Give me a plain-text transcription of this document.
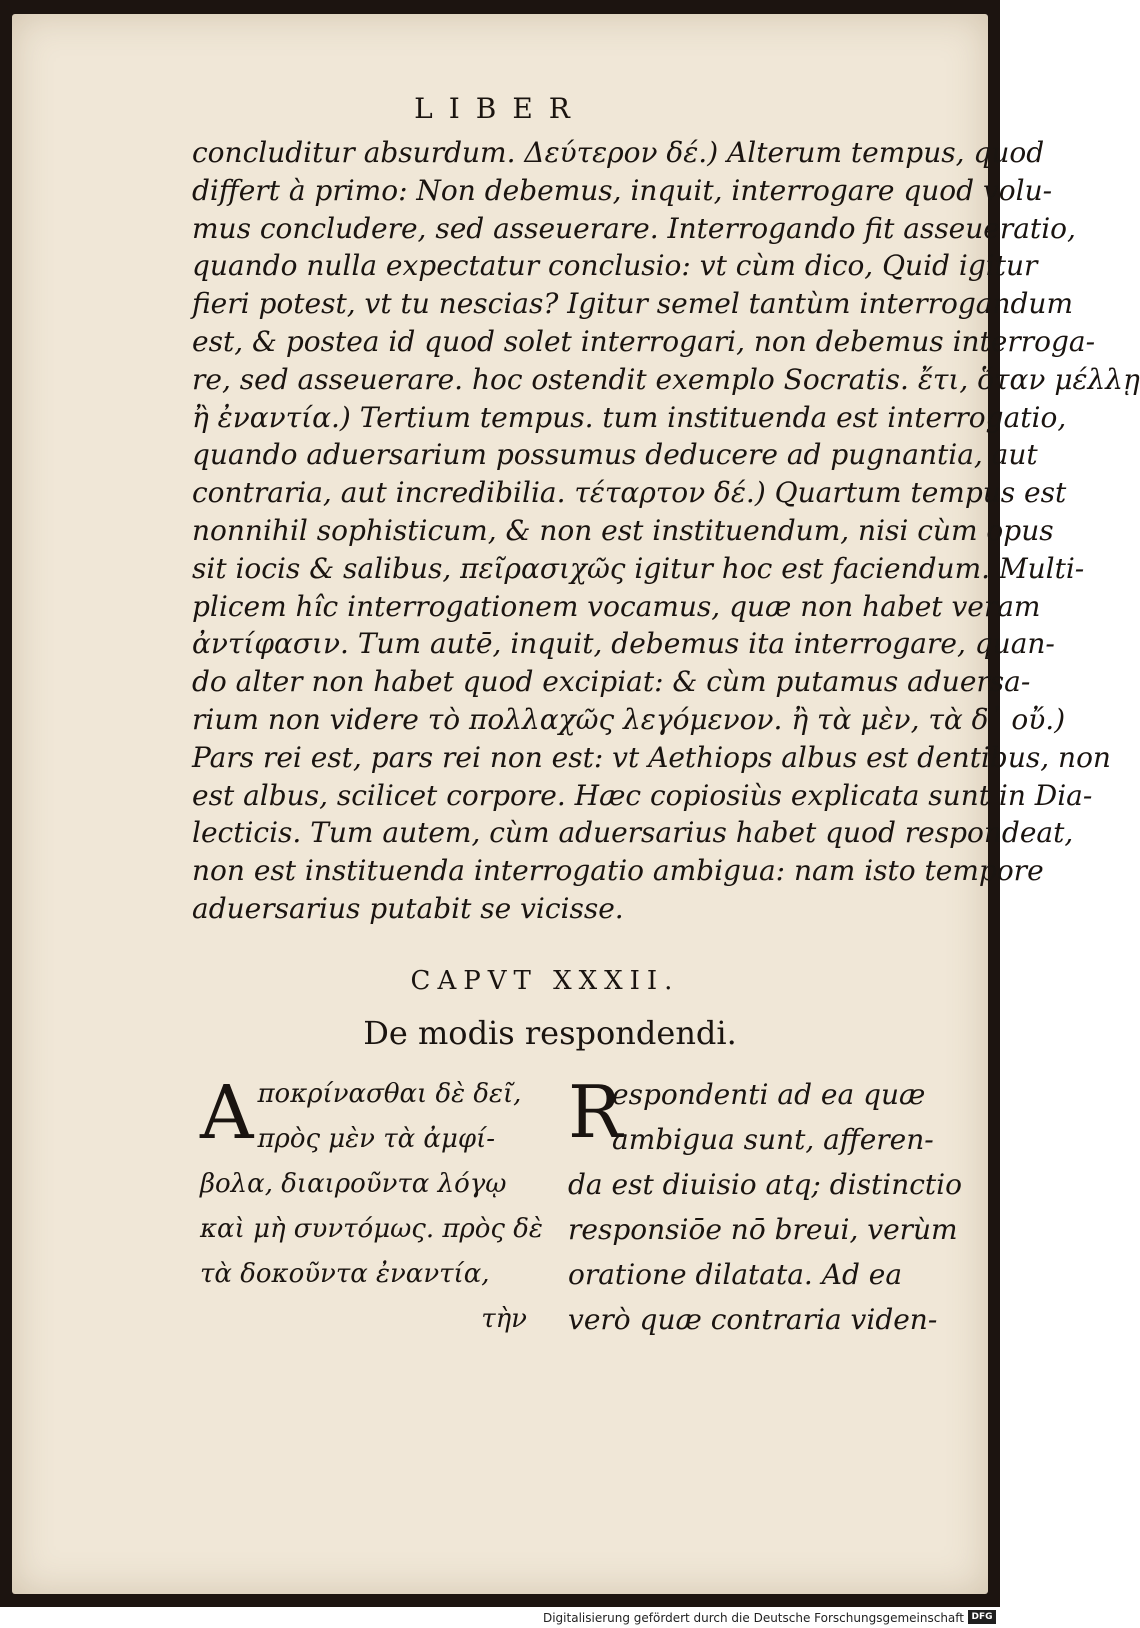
LIBER
concluditur absurdum. Δεύτερον δέ.) Alterum tempus, quod
differt à primo: Non debemus, inquit, interrogare quod volu-
mus concludere, sed asseuerare. Interrogando fit asseueratio,
quando nulla expectatur conclusio: vt cùm dico, Quid igitur
fieri potest, vt tu nescias? Igitur semel tantùm interrogandum
est, & postea id quod solet interrogari, non debemus interroga-
re, sed asseuerare. hoc ostendit exemplo Socratis. ἔτι, ὅταν μέλλῃ
ἢ ἐναντία.) Tertium tempus. tum instituenda est interrogatio,
quando aduersarium possumus deducere ad pugnantia, aut
contraria, aut incredibilia. τέταρτον δέ.) Quartum tempus est
nonnihil sophisticum, & non est instituendum, nisi cùm opus
sit iocis & salibus, πεῖρασιχῶς igitur hoc est faciendum. Multi-
plicem hîc interrogationem vocamus, quæ non habet veram
ἀντίφασιν. Tum autē, inquit, debemus ita interrogare, quan-
do alter non habet quod excipiat: & cùm putamus aduersa-
rium non videre τὸ πολλαχῶς λεγόμενον. ἢ τὰ μὲν, τὰ δ᾽ οὔ.)
Pars rei est, pars rei non est: vt Aethiops albus est dentibus, non
est albus, scilicet corpore. Hæc copiosiùs explicata sunt in Dia-
lecticis. Tum autem, cùm aduersarius habet quod respondeat,
non est instituenda interrogatio ambigua: nam isto tempore
aduersarius putabit se vicisse.
CAPVT XXXII.
De modis respondendi.
A ποκρίνασθαι δὲ δεῖ,
πρὸς μὲν τὰ ἀμφί-
βολα, διαιροῦντα λόγῳ
καὶ μὴ συντόμως. πρὸς δὲ
τὰ δοκοῦντα ἐναντία,
τὴν
R
espondenti ad ea quæ
ambigua sunt, afferen-
da est diuisio atq; distinctio
responsiōe nō breui, verùm
oratione dilatata. Ad ea
verò quæ contraria viden-
Digitalisierung gefördert durch die Deutsche Forschungsgemeinschaft DFG
